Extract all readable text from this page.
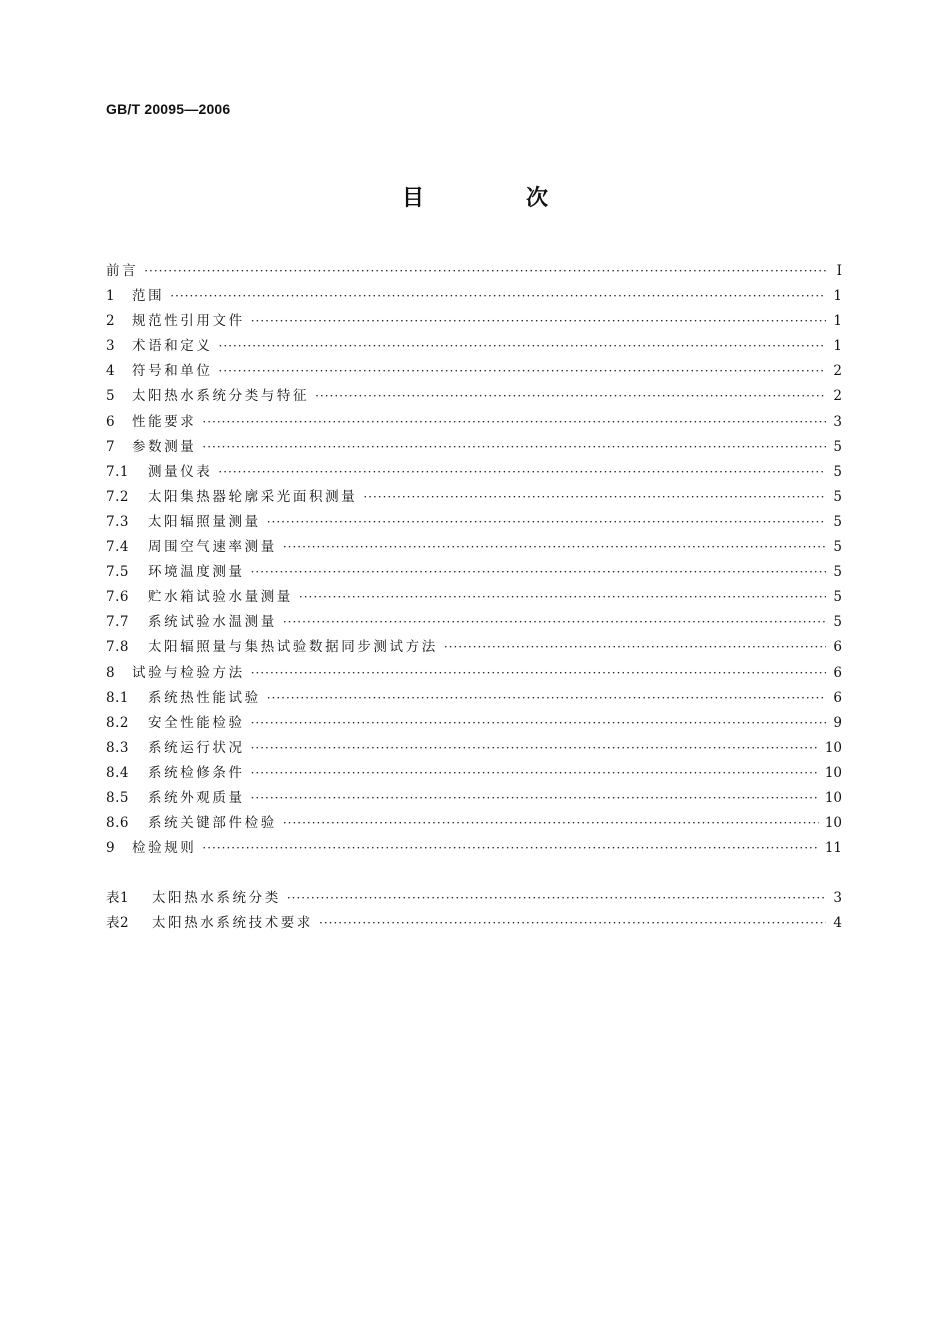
GB/T 20095—2006

目　次
前言 ·····	Ⅰ
1	范围 ·····	1
2	规范性引用文件 ·····	1
3	术语和定义 ·····	1
4	符号和单位 ·····	2
5	太阳热水系统分类与特征 ·····	2
6	性能要求 ·····	3
7	参数测量 ·····	5
7.1	测量仪表 ·····	5
7.2	太阳集热器轮廓采光面积测量 ·····	5
7.3	太阳辐照量测量 ·····	5
7.4	周围空气速率测量 ·····	5
7.5	环境温度测量 ·····	5
7.6	贮水箱试验水量测量 ·····	5
7.7	系统试验水温测量 ·····	5
7.8	太阳辐照量与集热试验数据同步测试方法 ·····	6
8	试验与检验方法 ·····	6
8.1	系统热性能试验 ·····	6
8.2	安全性能检验 ·····	9
8.3	系统运行状况 ·····	10
8.4	系统检修条件 ·····	10
8.5	系统外观质量 ·····	10
8.6	系统关键部件检验 ·····	10
9	检验规则 ·····	11
表1	太阳热水系统分类 ·····	3
表2	太阳热水系统技术要求 ·····	4
